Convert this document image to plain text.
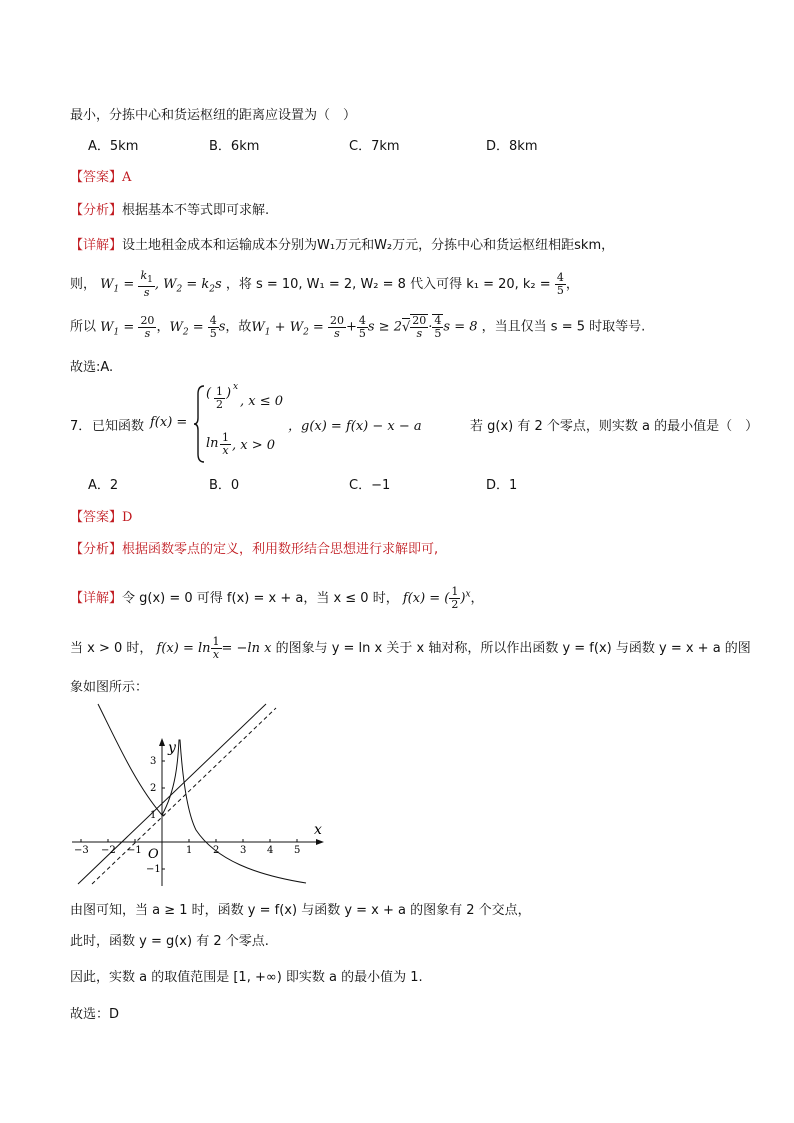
最小，分拣中心和货运枢纽的距离应设置为（　）
A．5km	B．6km	C．7km	D．8km
【答案】A
【分析】根据基本不等式即可求解.
【详解】设土地租金成本和运输成本分别为W₁万元和W₂万元，分拣中心和货运枢纽相距skm，
则， $W_1 = \frac{k_1}{s}$ , $W_2 = k_2s$ ，将 s = 10, W₁ = 2, W₂ = 8 代入可得 k₁ = 20, $k_2 = \frac{4}{5}$ ，
所以 $W_1 = \frac{20}{s}$ ，$W_2 = \frac{4}{5}$ s，故$W_1 + W_2 = \frac{20}{s} + \frac{4}{5}$ $s \ge 2√ \frac{20}{s} \cdot \frac{4}{5}$ s = 8 ，当且仅当 s = 5 时取等号.
故选:A.
7． 已知函数 f(x) =
( $\frac{1}{2}$ ) x
, x ≤ 0
$\ln \frac{1}{x}$ , x > 0
，g(x) = f(x) − x − a	若 g(x) 有 2 个零点，则实数 a 的最小值是（　）
A．2	B．0	C．−1	D．1
【答案】D
【分析】根据函数零点的定义，利用数形结合思想进行求解即可,
【详解】令 g(x) = 0 可得 f(x) = x + a，当 x ≤ 0 时， f(x) = ( $\frac{1}{2} )^x$，
当 x > 0 时， $f(x) = \ln \frac{1}{x} = -\ln$ x 的图象与 y = ln x 关于 x 轴对称，所以作出函数 y = f(x) 与函数 y = x + a 的图
象如图所示：
x
y
O
−3 −2 −1	1 2 3 4 5
3
2
1
−1
由图可知，当 a ≥ 1 时，函数 y = f(x) 与函数 y = x + a 的图象有 2 个交点，
此时，函数 y = g(x) 有 2 个零点.
因此，实数 a 的取值范围是 [1, +∞) 即实数 a 的最小值为 1.
故选：D
